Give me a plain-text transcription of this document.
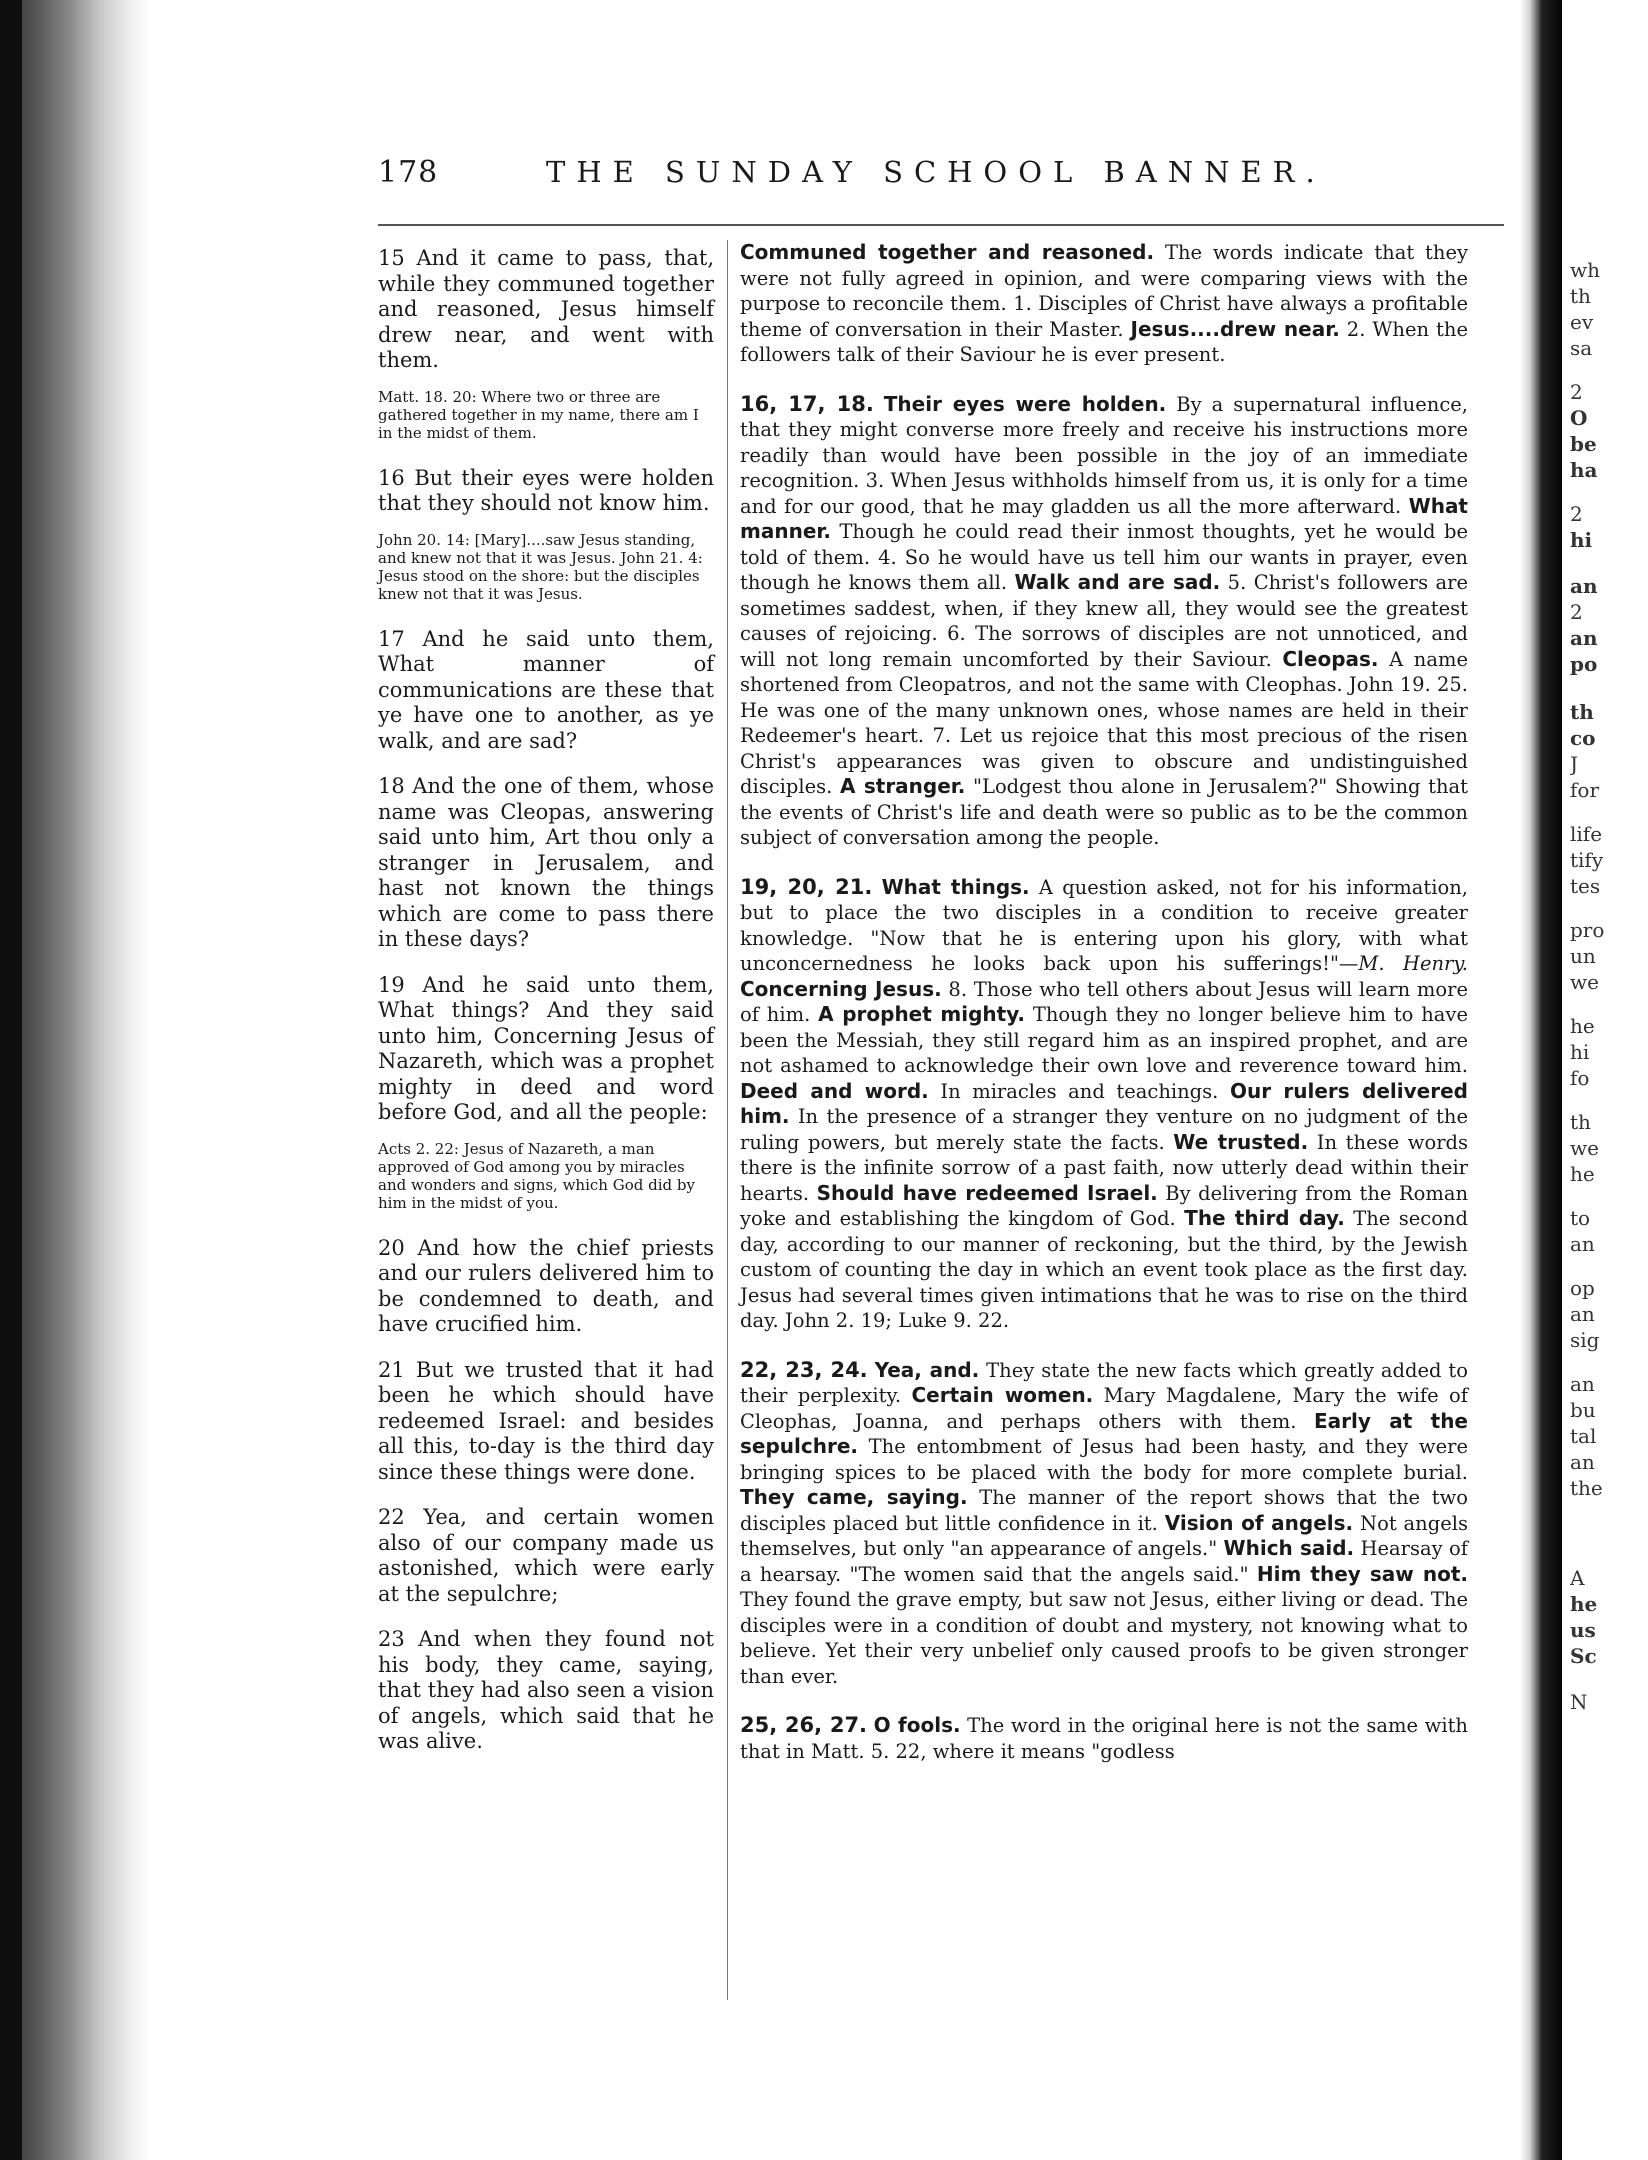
178	THE SUNDAY SCHOOL BANNER.

15 And it came to pass, that, while they communed together and reasoned, Jesus himself drew near, and went with them.

Matt. 18. 20: Where two or three are gathered together in my name, there am I in the midst of them.

16 But their eyes were holden that they should not know him.

John 20. 14: [Mary]....saw Jesus standing, and knew not that it was Jesus. John 21. 4: Jesus stood on the shore: but the disciples knew not that it was Jesus.

17 And he said unto them, What manner of communications are these that ye have one to another, as ye walk, and are sad?

18 And the one of them, whose name was Cleopas, answering said unto him, Art thou only a stranger in Jerusalem, and hast not known the things which are come to pass there in these days?

19 And he said unto them, What things? And they said unto him, Concerning Jesus of Nazareth, which was a prophet mighty in deed and word before God, and all the people:

Acts 2. 22: Jesus of Nazareth, a man approved of God among you by miracles and wonders and signs, which God did by him in the midst of you.

20 And how the chief priests and our rulers delivered him to be condemned to death, and have crucified him.

21 But we trusted that it had been he which should have redeemed Israel: and besides all this, to-day is the third day since these things were done.

22 Yea, and certain women also of our company made us astonished, which were early at the sepulchre;

23 And when they found not his body, they came, saying, that they had also seen a vision of angels, which said that he was alive.

Communed together and reasoned. The words indicate that they were not fully agreed in opinion, and were comparing views with the purpose to reconcile them. 1. Disciples of Christ have always a profitable theme of conversation in their Master. Jesus....drew near. 2. When the followers talk of their Saviour he is ever present.

16, 17, 18. Their eyes were holden. By a supernatural influence, that they might converse more freely and receive his instructions more readily than would have been possible in the joy of an immediate recognition. 3. When Jesus withholds himself from us, it is only for a time and for our good, that he may gladden us all the more afterward. What manner. Though he could read their inmost thoughts, yet he would be told of them. 4. So he would have us tell him our wants in prayer, even though he knows them all. Walk and are sad. 5. Christ's followers are sometimes saddest, when, if they knew all, they would see the greatest causes of rejoicing. 6. The sorrows of disciples are not unnoticed, and will not long remain uncomforted by their Saviour. Cleopas. A name shortened from Cleopatros, and not the same with Cleophas. John 19. 25. He was one of the many unknown ones, whose names are held in their Redeemer's heart. 7. Let us rejoice that this most precious of the risen Christ's appearances was given to obscure and undistinguished disciples. A stranger. "Lodgest thou alone in Jerusalem?" Showing that the events of Christ's life and death were so public as to be the common subject of conversation among the people.

19, 20, 21. What things. A question asked, not for his information, but to place the two disciples in a condition to receive greater knowledge. "Now that he is entering upon his glory, with what unconcernedness he looks back upon his sufferings!"—M. Henry. Concerning Jesus. 8. Those who tell others about Jesus will learn more of him. A prophet mighty. Though they no longer believe him to have been the Messiah, they still regard him as an inspired prophet, and are not ashamed to acknowledge their own love and reverence toward him. Deed and word. In miracles and teachings. Our rulers delivered him. In the presence of a stranger they venture on no judgment of the ruling powers, but merely state the facts. We trusted. In these words there is the infinite sorrow of a past faith, now utterly dead within their hearts. Should have redeemed Israel. By delivering from the Roman yoke and establishing the kingdom of God. The third day. The second day, according to our manner of reckoning, but the third, by the Jewish custom of counting the day in which an event took place as the first day. Jesus had several times given intimations that he was to rise on the third day. John 2. 19; Luke 9. 22.

22, 23, 24. Yea, and. They state the new facts which greatly added to their perplexity. Certain women. Mary Magdalene, Mary the wife of Cleophas, Joanna, and perhaps others with them. Early at the sepulchre. The entombment of Jesus had been hasty, and they were bringing spices to be placed with the body for more complete burial. They came, saying. The manner of the report shows that the two disciples placed but little confidence in it. Vision of angels. Not angels themselves, but only "an appearance of angels." Which said. Hearsay of a hearsay. "The women said that the angels said." Him they saw not. They found the grave empty, but saw not Jesus, either living or dead. The disciples were in a condition of doubt and mystery, not knowing what to believe. Yet their very unbelief only caused proofs to be given stronger than ever.

25, 26, 27. O fools. The word in the original here is not the same with that in Matt. 5. 22, where it means "godless

wh
th
ev
sa
2
O
be
ha
2
hi
an
2
an
po
th
co
J
for
life
tify
tes
pro
un
we
he
hi
fo
th
we
he
to
an
op
an
sig
an
bu
tal
an
the
A
he
us
Sc
N
